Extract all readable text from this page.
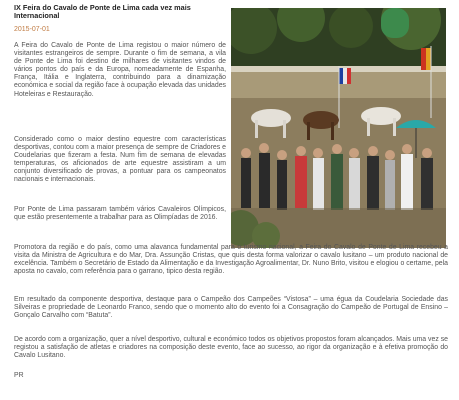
IX Feira do Cavalo de Ponte de Lima cada vez mais Internacional
2015-07-01

A Feira do Cavalo de Ponte de Lima registou o maior número de visitantes estrangeiros de sempre. Durante o fim de semana, a vila de Ponte de Lima foi destino de milhares de visitantes vindos de vários pontos do país e da Europa, nomeadamente de Espanha, França, Itália e Inglaterra, contribuindo para a dinamização económica e social da região face à ocupação elevada das unidades Hoteleiras e Restauração.

Considerado como o maior destino equestre com características desportivas, contou com a maior presença de sempre de Criadores e Coudelarias que fizeram a festa. Num fim de semana de elevadas temperaturas, os aficionados de arte equestre assistiram a um conjunto diversificado de provas, a pontuar para os campeonatos nacionais e internacionais.

Por Ponte de Lima passaram também vários Cavaleiros Olímpicos, que estão presentemente a trabalhar para as Olimpíadas de 2016.

Promotora da região e do país, como uma alavanca fundamental para o turismo nacional, a Feira do Cavalo de Ponte de Lima recebeu a visita da Ministra de Agricultura e do Mar, Dra. Assunção Cristas, que quis desta forma valorizar o cavalo lusitano – um produto nacional de excelência. Também o Secretário de Estado da Alimentação e da Investigação Agroalimentar, Dr. Nuno Brito, visitou e elogiou o certame, pela aposta no cavalo, com referência para o garrano, tipico desta região.

Em resultado da componente desportiva, destaque para o Campeão dos Campeões “Vistosa” – uma égua da Coudelaria Sociedade das Silveiras e propriedade de Leonardo Franco, sendo que o momento alto do evento foi a Consagração do Campeão de Portugal de Ensino – Gonçalo Carvalho com “Batuta”.

De acordo com a organização, quer a nível desportivo, cultural e económico todos os objetivos propostos foram alcançados. Mais uma vez se registou a satisfação de atletas e criadores na composição deste evento, face ao sucesso, ao rigor da organização e à efetiva promoção do Cavalo Lusitano.

PR
